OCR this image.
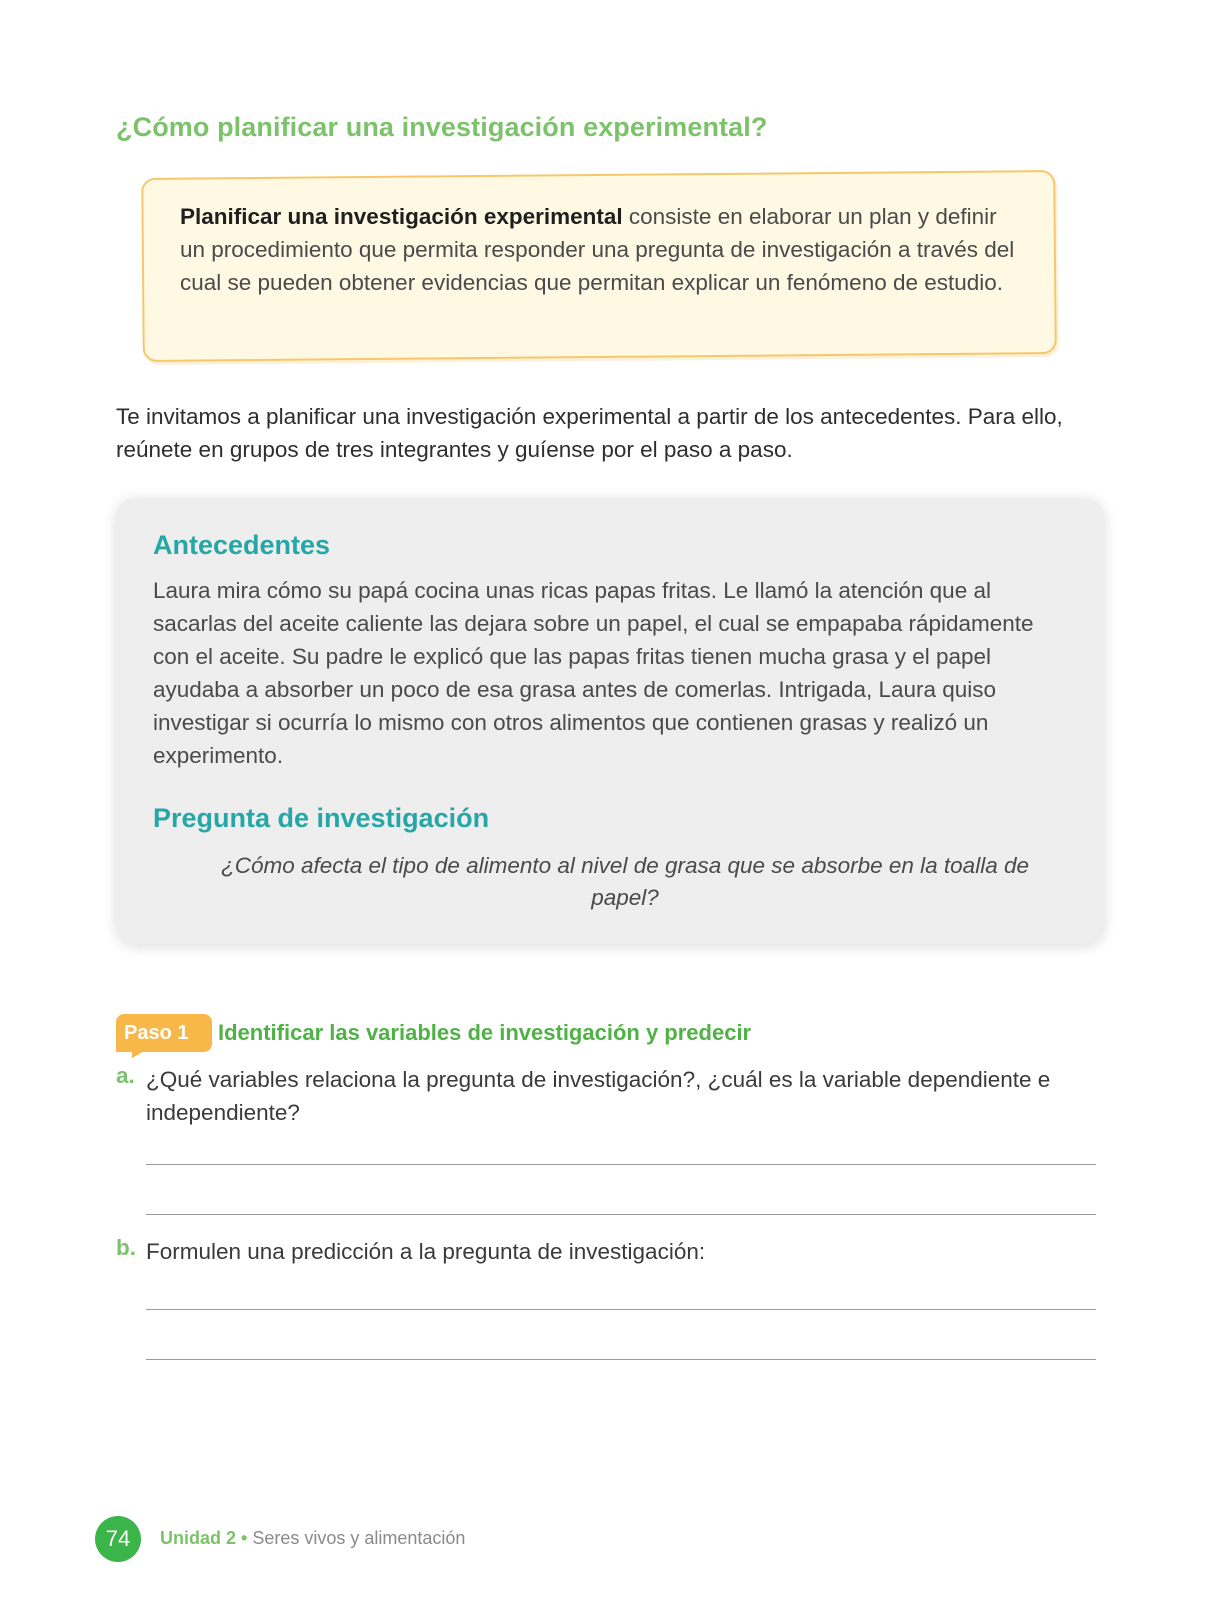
¿Cómo planificar una investigación experimental?

Planificar una investigación experimental consiste en elaborar un plan y definir un procedimiento que permita responder una pregunta de investigación a través del cual se pueden obtener evidencias que permitan explicar un fenómeno de estudio.

Te invitamos a planificar una investigación experimental a partir de los antecedentes. Para ello, reúnete en grupos de tres integrantes y guíense por el paso a paso.

Antecedentes

Laura mira cómo su papá cocina unas ricas papas fritas. Le llamó la atención que al sacarlas del aceite caliente las dejara sobre un papel, el cual se empapaba rápidamente con el aceite. Su padre le explicó que las papas fritas tienen mucha grasa y el papel ayudaba a absorber un poco de esa grasa antes de comerlas. Intrigada, Laura quiso investigar si ocurría lo mismo con otros alimentos que contienen grasas y realizó un experimento.

Pregunta de investigación

¿Cómo afecta el tipo de alimento al nivel de grasa que se absorbe en la toalla de papel?

Paso 1	Identificar las variables de investigación y predecir
a. ¿Qué variables relaciona la pregunta de investigación?, ¿cuál es la variable dependiente e independiente?

b. Formulen una predicción a la pregunta de investigación:

74	Unidad 2 • Seres vivos y alimentación
